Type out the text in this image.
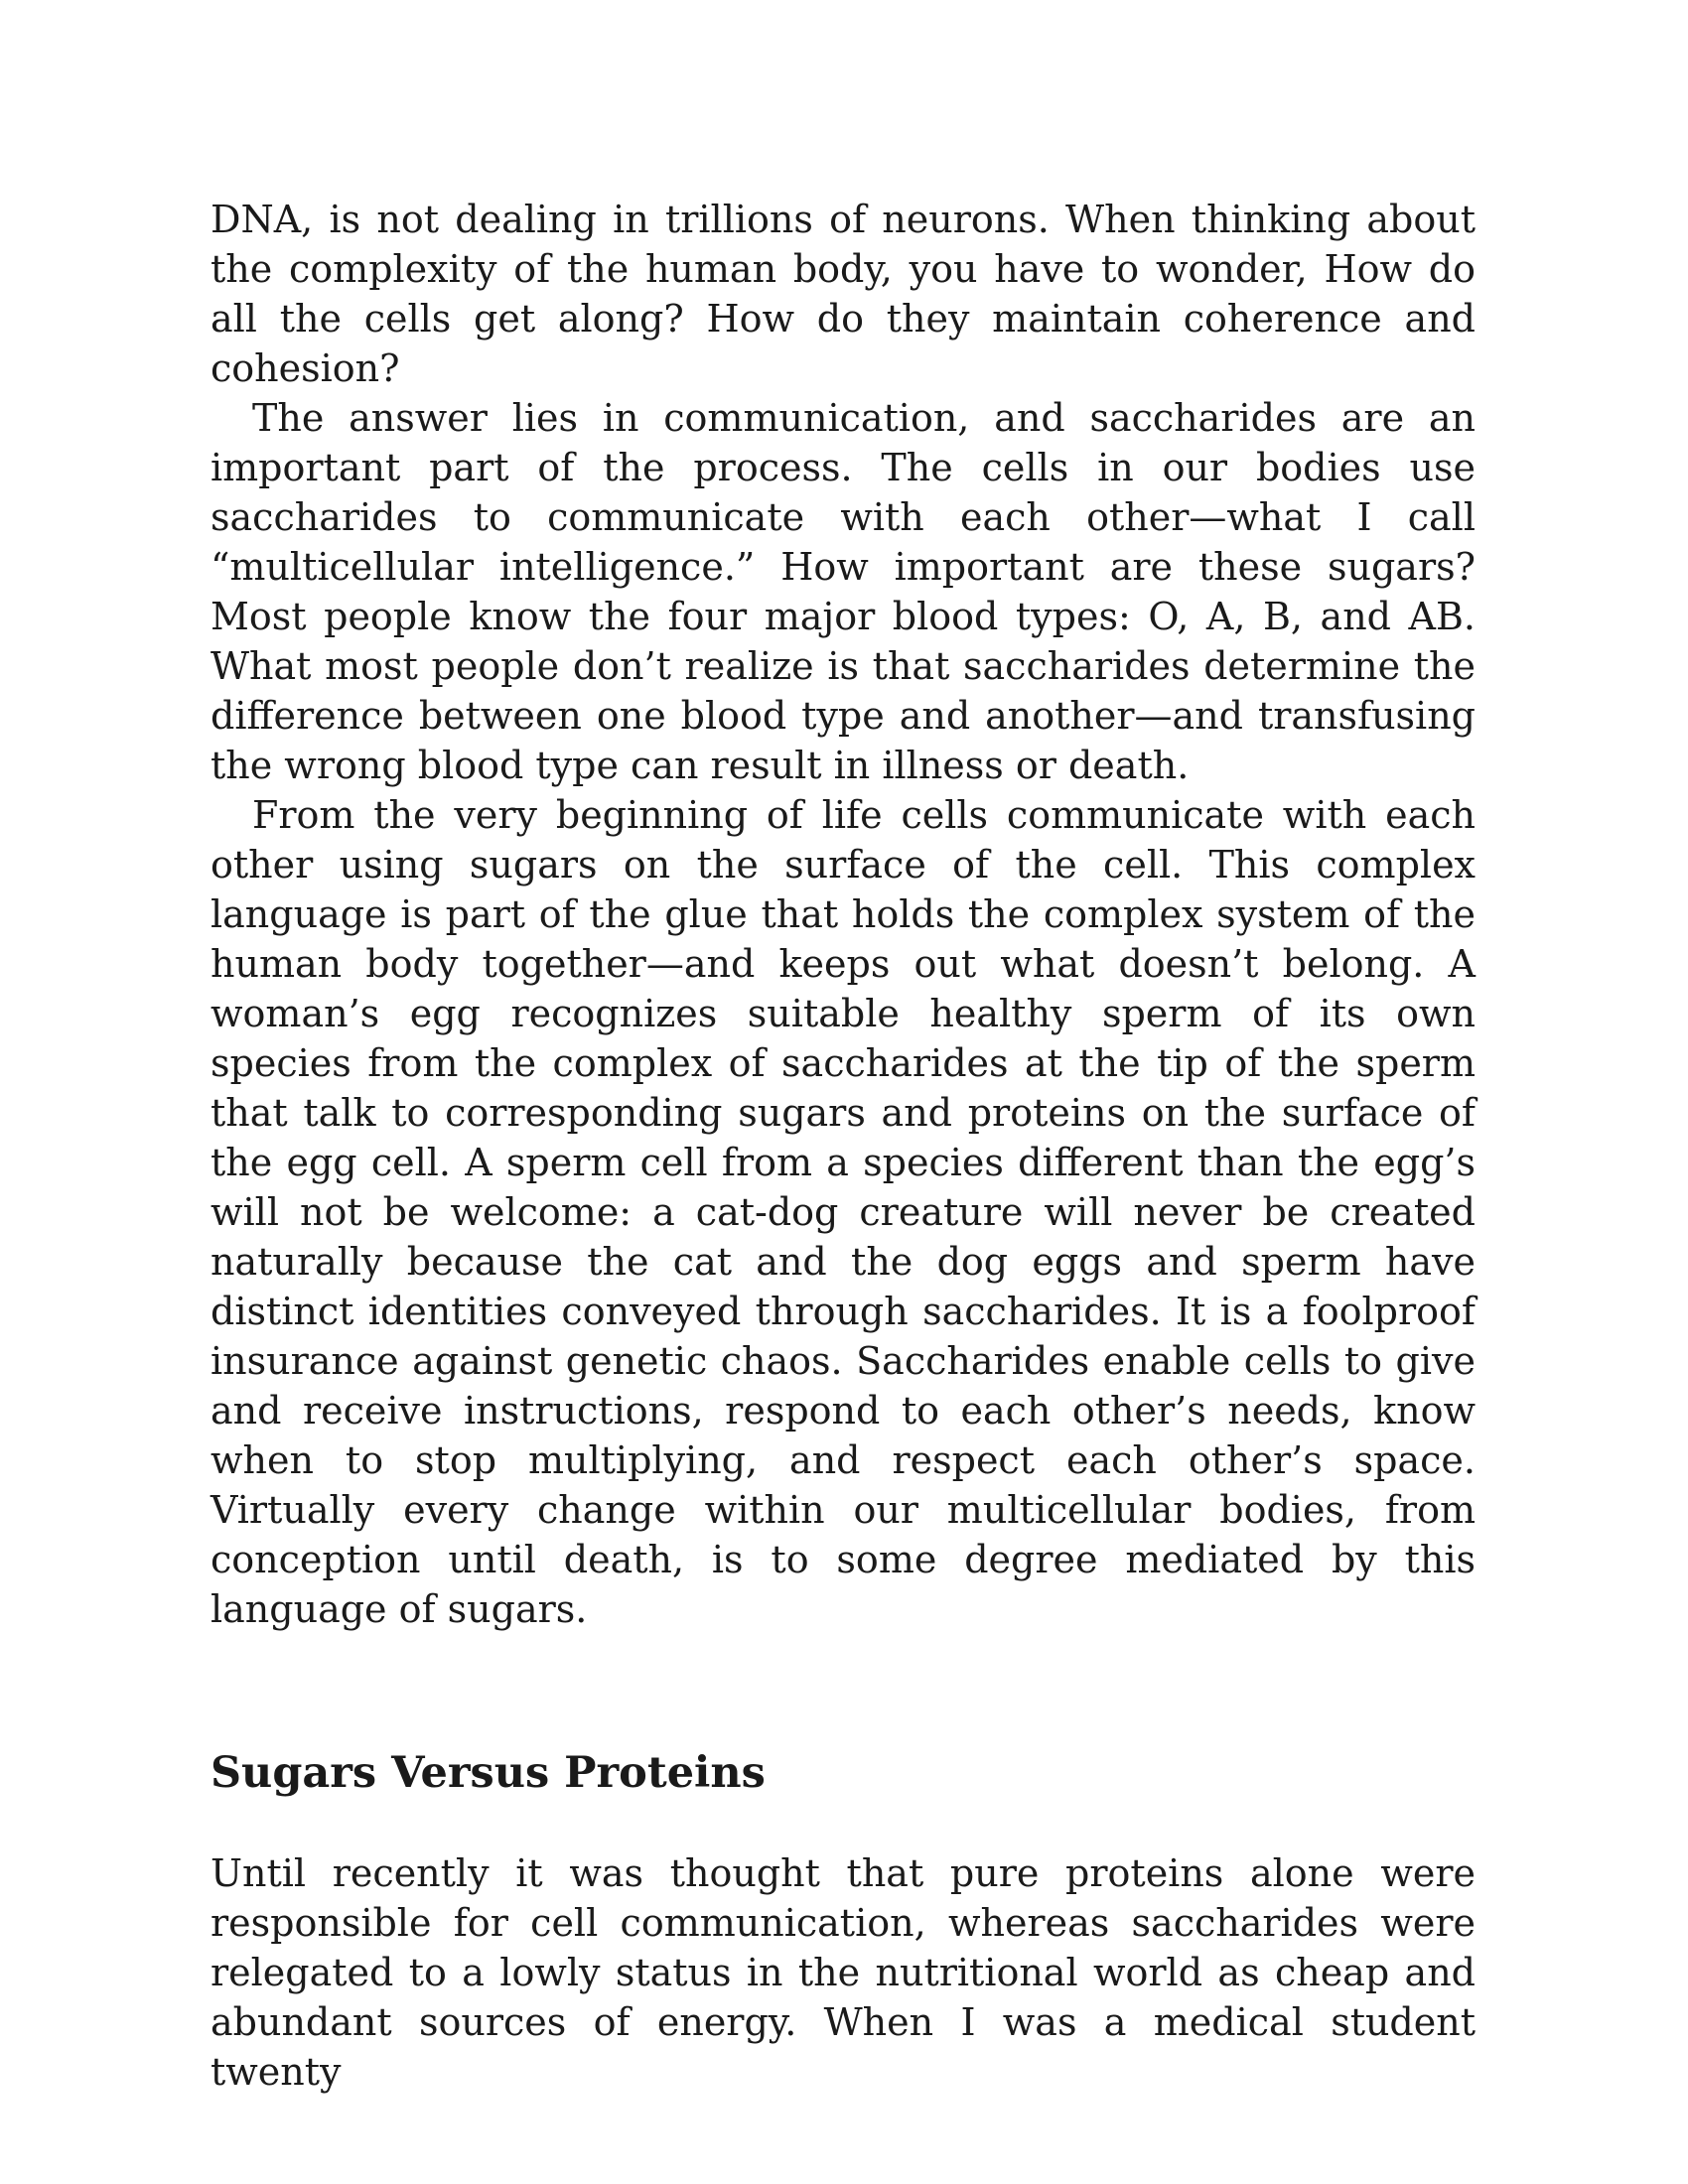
DNA, is not dealing in trillions of neurons. When thinking about the complexity of the human body, you have to wonder, How do all the cells get along? How do they maintain coherence and cohesion?

The answer lies in communication, and saccharides are an important part of the process. The cells in our bodies use saccharides to communicate with each other—what I call “multicellular intelligence.” How important are these sugars? Most people know the four major blood types: O, A, B, and AB. What most people don’t realize is that saccharides determine the difference between one blood type and another—and transfusing the wrong blood type can result in illness or death.

From the very beginning of life cells communicate with each other using sugars on the surface of the cell. This complex language is part of the glue that holds the complex system of the human body together—and keeps out what doesn’t belong. A woman’s egg recognizes suitable healthy sperm of its own species from the complex of saccharides at the tip of the sperm that talk to corresponding sugars and proteins on the surface of the egg cell. A sperm cell from a species different than the egg’s will not be welcome: a cat-dog creature will never be created naturally because the cat and the dog eggs and sperm have distinct identities conveyed through saccharides. It is a foolproof insurance against genetic chaos. Saccharides enable cells to give and receive instructions, respond to each other’s needs, know when to stop multiplying, and respect each other’s space. Virtually every change within our multicellular bodies, from conception until death, is to some degree mediated by this language of sugars.

Sugars Versus Proteins

Until recently it was thought that pure proteins alone were responsible for cell communication, whereas saccharides were relegated to a lowly status in the nutritional world as cheap and abundant sources of energy. When I was a medical student twenty
